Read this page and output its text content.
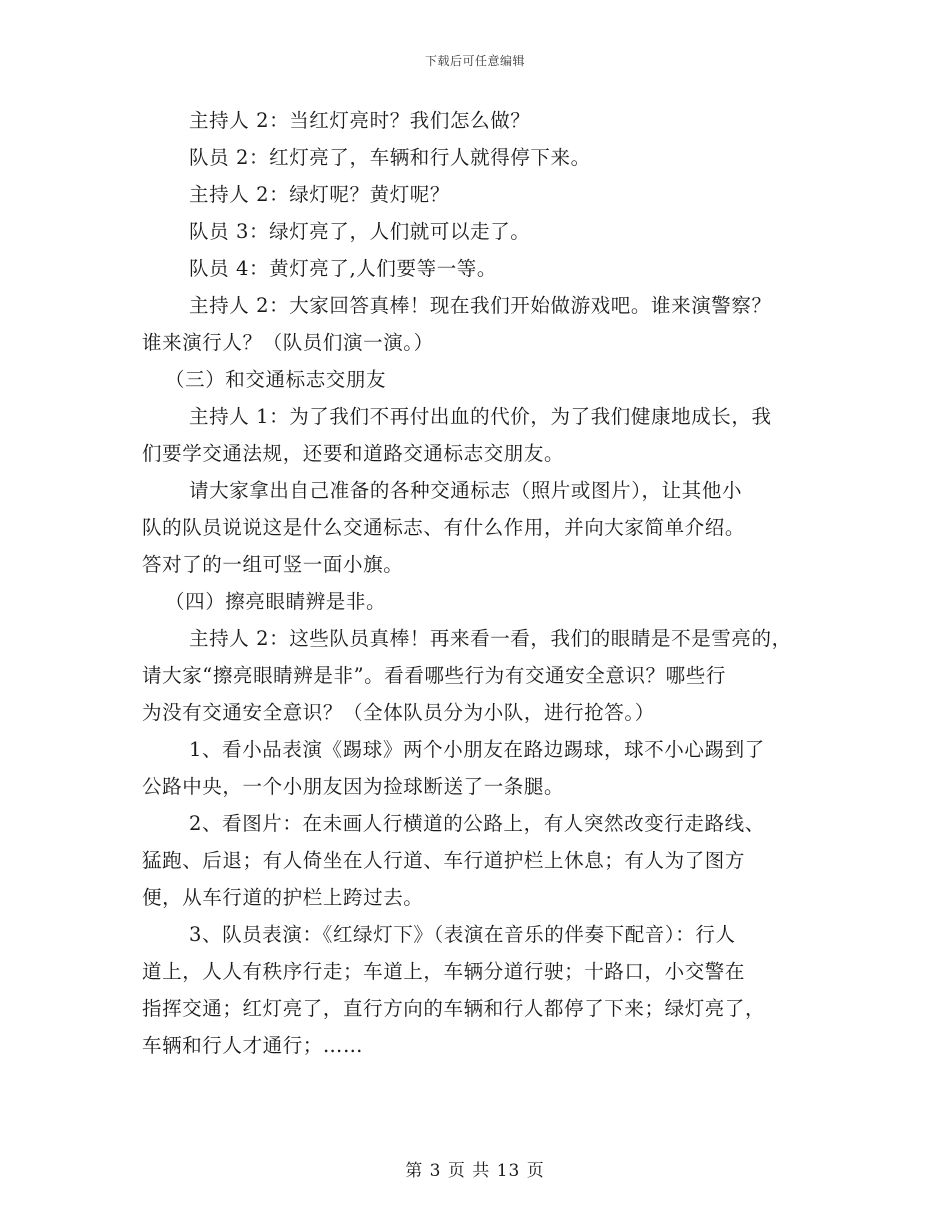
下载后可任意编辑
主持人 2：当红灯亮时？我们怎么做？
队员 2：红灯亮了，车辆和行人就得停下来。
主持人 2：绿灯呢？黄灯呢？
队员 3：绿灯亮了，人们就可以走了。
队员 4：黄灯亮了,人们要等一等。
主持人 2：大家回答真棒！现在我们开始做游戏吧。谁来演警察？
谁来演行人？（队员们演一演。）
（三）和交通标志交朋友
主持人 1：为了我们不再付出血的代价，为了我们健康地成长，我
们要学交通法规，还要和道路交通标志交朋友。
请大家拿出自己准备的各种交通标志（照片或图片），让其他小
队的队员说说这是什么交通标志、有什么作用，并向大家简单介绍。
答对了的一组可竖一面小旗。
（四）擦亮眼睛辨是非。
主持人 2：这些队员真棒！再来看一看，我们的眼睛是不是雪亮的，
请大家“擦亮眼睛辨是非”。看看哪些行为有交通安全意识？哪些行
为没有交通安全意识？（全体队员分为小队，进行抢答。）
1、看小品表演《踢球》两个小朋友在路边踢球，球不小心踢到了
公路中央，一个小朋友因为捡球断送了一条腿。
2、看图片：在未画人行横道的公路上，有人突然改变行走路线、
猛跑、后退；有人倚坐在人行道、车行道护栏上休息；有人为了图方
便，从车行道的护栏上跨过去。
3、队员表演：《红绿灯下》（表演在音乐的伴奏下配音）：行人
道上，人人有秩序行走；车道上，车辆分道行驶；十路口，小交警在
指挥交通；红灯亮了，直行方向的车辆和行人都停了下来；绿灯亮了，
车辆和行人才通行；……
第 3 页 共 13 页
